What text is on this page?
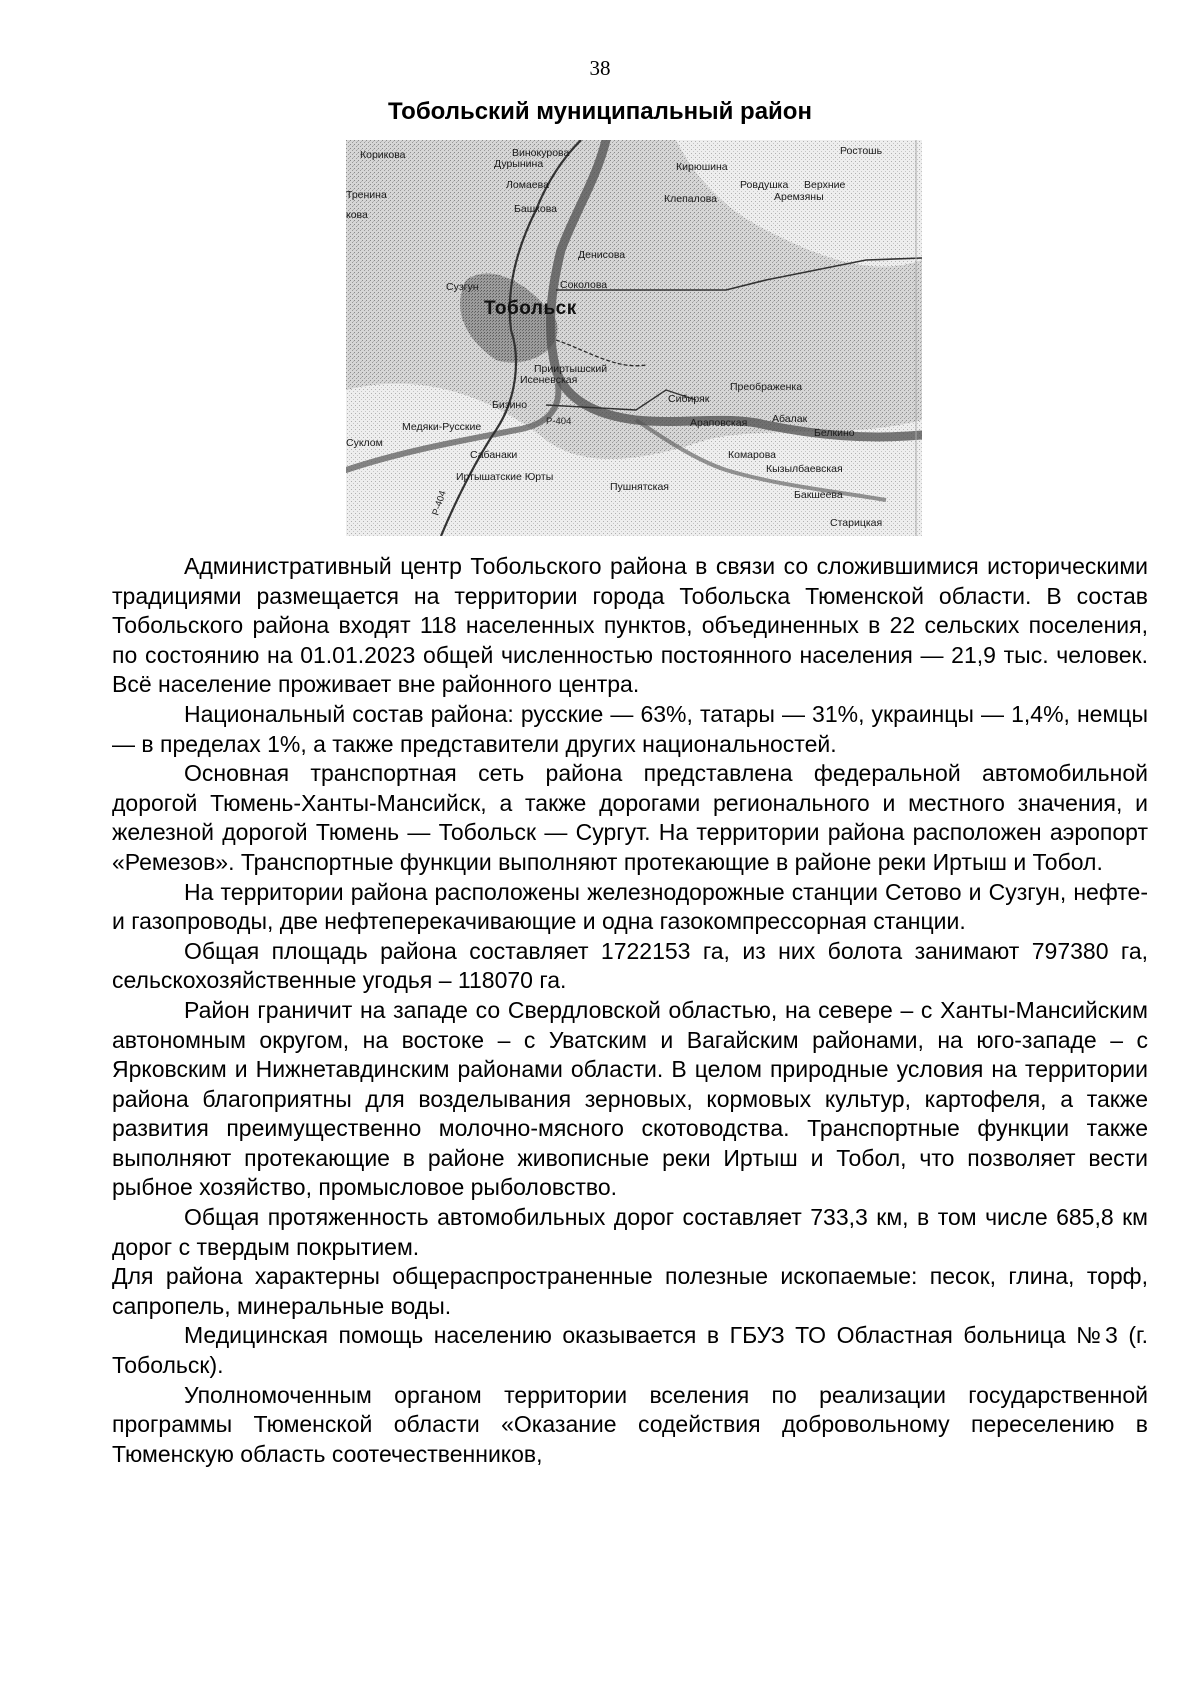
38
Тобольский муниципальный район
Корикова	Винокурова
Дурынина	Кирюшина
Ростошь
Ломаева
Тренина
Ровдушка Верхние
Клепалова	Аремзяны
кова	Башкова
Денисова
Сузгун	Соколова
Тобольск
Прииртышский
Исеневская
Преображенка
Бизино	Сибиряк
Медяки-Русские	Р-404	Араповская Абалак
Белкино
Суклом
Сабанаки	Комарова
Кызылбаевская
Иртышатские Юрты
Пушнятская
Р-404	Бакшеева
Старицкая

Административный центр Тобольского района в связи со сложившимися историческими традициями размещается на территории города Тобольска Тюменской области. В состав Тобольского района входят 118 населенных пунктов, объединенных в 22 сельских поселения, по состоянию на 01.01.2023 общей численностью постоянного населения — 21,9 тыс. человек. Всё население проживает вне районного центра.

Национальный состав района: русские — 63%, татары — 31%, украинцы — 1,4%, немцы — в пределах 1%, а также представители других национальностей.

Основная транспортная сеть района представлена федеральной автомобильной дорогой Тюмень-Ханты-Мансийск, а также дорогами регионального и местного значения, и железной дорогой Тюмень — Тобольск — Сургут. На территории района расположен аэропорт «Ремезов». Транспортные функции выполняют протекающие в районе реки Иртыш и Тобол.

На территории района расположены железнодорожные станции Сетово и Сузгун, нефте- и газопроводы, две нефтеперекачивающие и одна газокомпрессорная станции.

Общая площадь района составляет 1722153 га, из них болота занимают 797380 га, сельскохозяйственные угодья – 118070 га.

Район граничит на западе со Свердловской областью, на севере – с Ханты-Мансийским автономным округом, на востоке – с Уватским и Вагайским районами, на юго-западе – с Ярковским и Нижнетавдинским районами области. В целом природные условия на территории района благоприятны для возделывания зерновых, кормовых культур, картофеля, а также развития преимущественно молочно-мясного скотоводства. Транспортные функции также выполняют протекающие в районе живописные реки Иртыш и Тобол, что позволяет вести рыбное хозяйство, промысловое рыболовство.

Общая протяженность автомобильных дорог составляет 733,3 км, в том числе 685,8 км дорог с твердым покрытием.

Для района характерны общераспространенные полезные ископаемые: песок, глина, торф, сапропель, минеральные воды.

Медицинская помощь населению оказывается в ГБУЗ ТО Областная больница №3 (г. Тобольск).

Уполномоченным органом территории вселения по реализации государственной программы Тюменской области «Оказание содействия добровольному переселению в Тюменскую область соотечественников,
